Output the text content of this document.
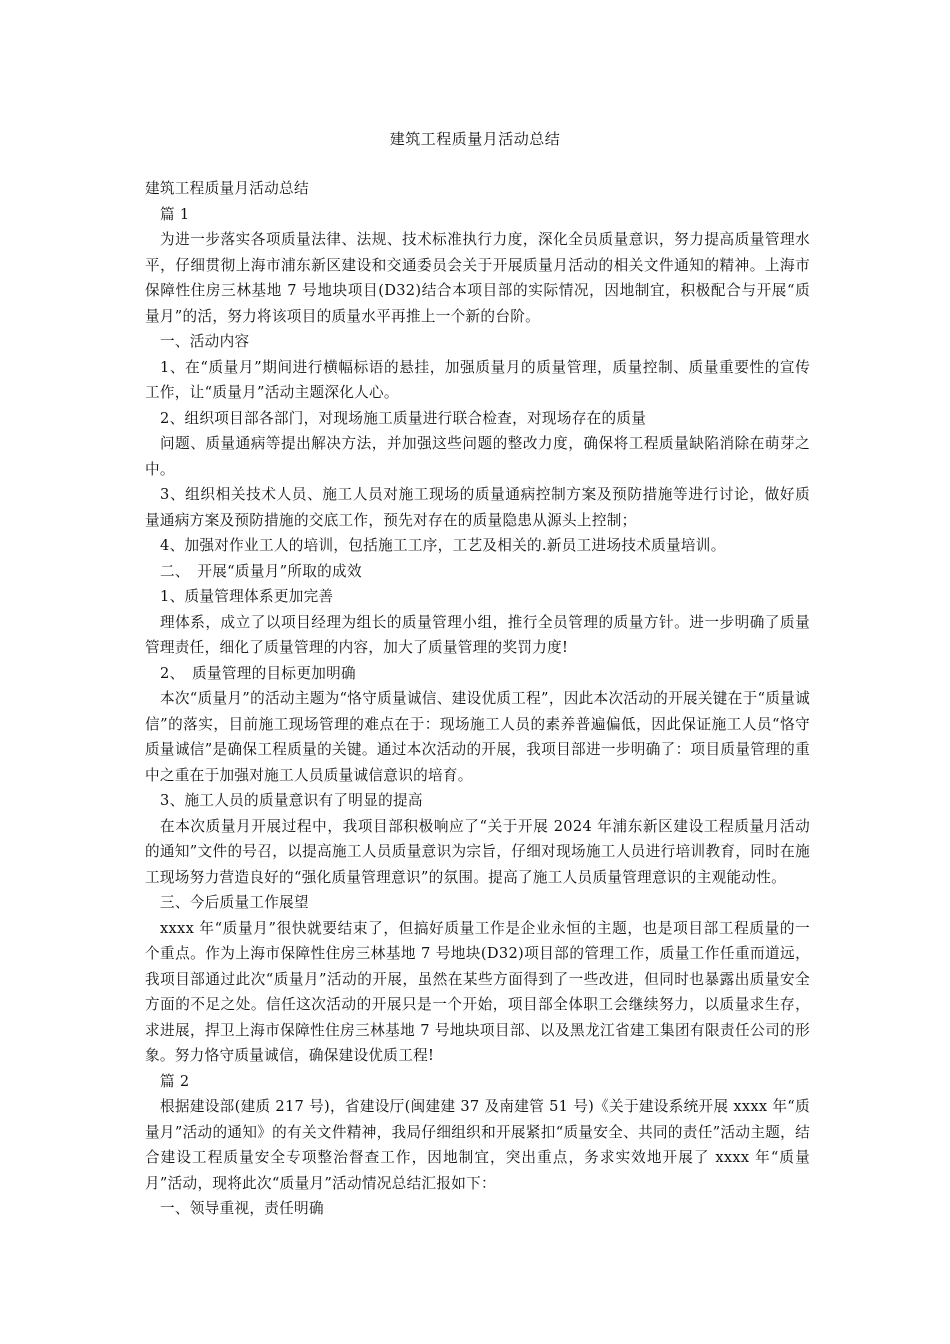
建筑工程质量月活动总结

建筑工程质量月活动总结

篇 1

为进一步落实各项质量法律、法规、技术标准执行力度，深化全员质量意识，努力提高质量管理水平，仔细贯彻上海市浦东新区建设和交通委员会关于开展质量月活动的相关文件通知的精神。上海市保障性住房三林基地 7 号地块项目(D32)结合本项目部的实际情况，因地制宜，积极配合与开展“质量月”的活，努力将该项目的质量水平再推上一个新的台阶。

一、活动内容

1、在“质量月”期间进行横幅标语的悬挂，加强质量月的质量管理，质量控制、质量重要性的宣传工作，让“质量月”活动主题深化人心。

2、组织项目部各部门，对现场施工质量进行联合检查，对现场存在的质量

问题、质量通病等提出解决方法，并加强这些问题的整改力度，确保将工程质量缺陷消除在萌芽之中。

3、组织相关技术人员、施工人员对施工现场的质量通病控制方案及预防措施等进行讨论，做好质量通病方案及预防措施的交底工作，预先对存在的质量隐患从源头上控制；

4、加强对作业工人的培训，包括施工工序，工艺及相关的.新员工进场技术质量培训。

二、　开展“质量月”所取的成效

1、质量管理体系更加完善

理体系，成立了以项目经理为组长的质量管理小组，推行全员管理的质量方针。进一步明确了质量管理责任，细化了质量管理的内容，加大了质量管理的奖罚力度!

2、　质量管理的目标更加明确

本次“质量月”的活动主题为“恪守质量诚信、建设优质工程”，因此本次活动的开展关键在于“质量诚信”的落实，目前施工现场管理的难点在于：现场施工人员的素养普遍偏低，因此保证施工人员“恪守质量诚信”是确保工程质量的关键。通过本次活动的开展，我项目部进一步明确了：项目质量管理的重中之重在于加强对施工人员质量诚信意识的培育。

3、施工人员的质量意识有了明显的提高

在本次质量月开展过程中，我项目部积极响应了“关于开展 2024 年浦东新区建设工程质量月活动的通知”文件的号召，以提高施工人员质量意识为宗旨，仔细对现场施工人员进行培训教育，同时在施工现场努力营造良好的“强化质量管理意识”的氛围。提高了施工人员质量管理意识的主观能动性。

三、今后质量工作展望

xxxx 年“质量月”很快就要结束了，但搞好质量工作是企业永恒的主题，也是项目部工程质量的一个重点。作为上海市保障性住房三林基地 7 号地块(D32)项目部的管理工作，质量工作任重而道远，我项目部通过此次“质量月”活动的开展，虽然在某些方面得到了一些改进，但同时也暴露出质量安全方面的不足之处。信任这次活动的开展只是一个开始，项目部全体职工会继续努力，以质量求生存，求进展，捍卫上海市保障性住房三林基地 7 号地块项目部、以及黑龙江省建工集团有限责任公司的形象。努力恪守质量诚信，确保建设优质工程!

篇 2

根据建设部(建质 217 号)，省建设厅(闽建建 37 及南建管 51 号)《关于建设系统开展 xxxx 年“质量月”活动的通知》的有关文件精神，我局仔细组织和开展紧扣“质量安全、共同的责任”活动主题，结合建设工程质量安全专项整治督查工作，因地制宜，突出重点，务求实效地开展了 xxxx 年“质量月”活动，现将此次“质量月”活动情况总结汇报如下：

一、领导重视，责任明确
